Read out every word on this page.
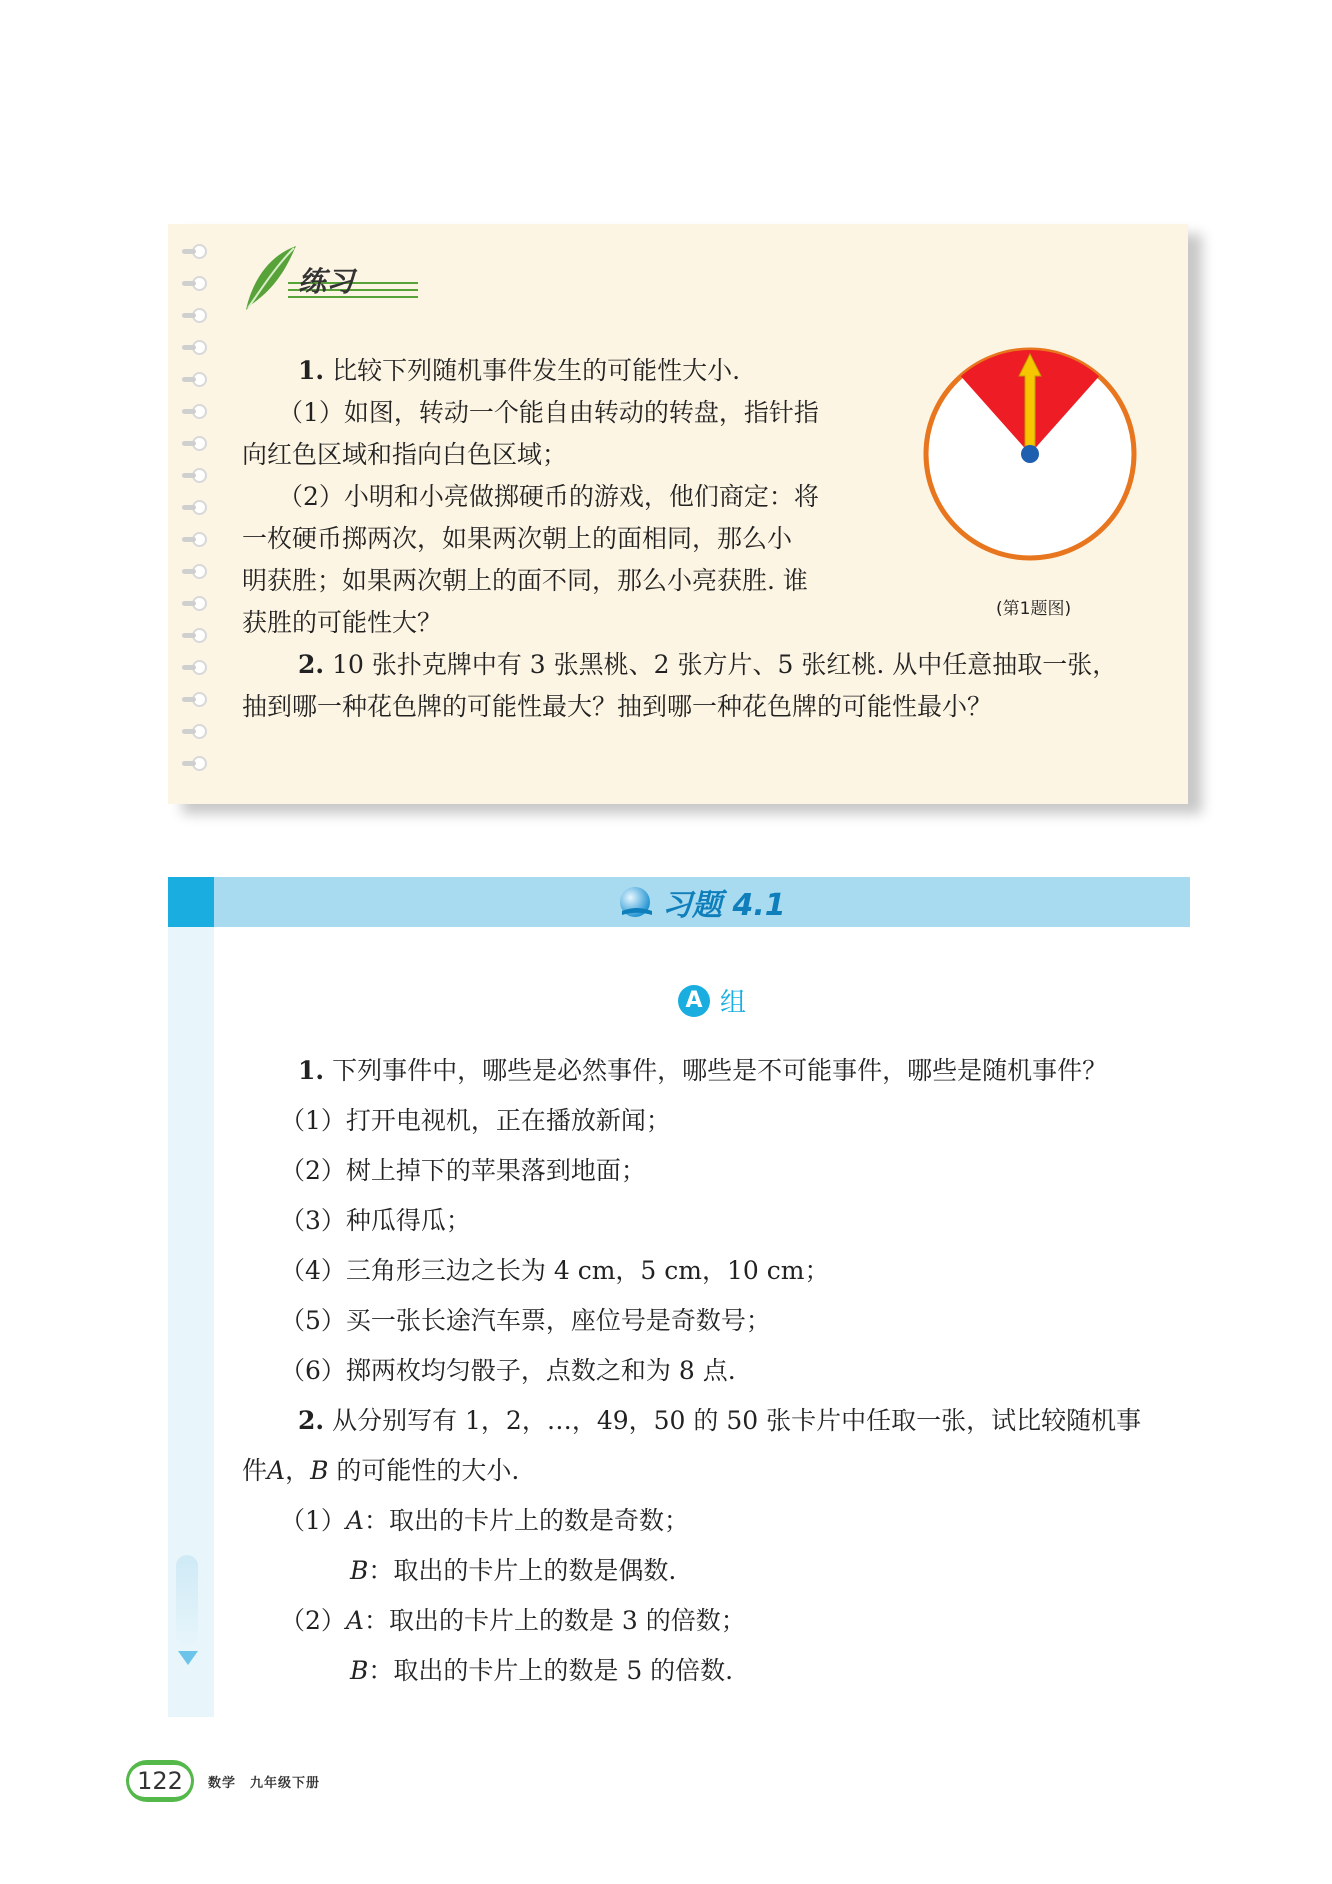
练习
1. 比较下列随机事件发生的可能性大小.
（1）如图，转动一个能自由转动的转盘，指针指
向红色区域和指向白色区域；
（2）小明和小亮做掷硬币的游戏，他们商定：将
一枚硬币掷两次，如果两次朝上的面相同，那么小
明获胜；如果两次朝上的面不同，那么小亮获胜. 谁
获胜的可能性大？
2. 10 张扑克牌中有 3 张黑桃、2 张方片、5 张红桃. 从中任意抽取一张，
抽到哪一种花色牌的可能性最大？抽到哪一种花色牌的可能性最小？
(第1题图)
习题 4.1
A 组
1. 下列事件中，哪些是必然事件，哪些是不可能事件，哪些是随机事件？
（1）打开电视机，正在播放新闻；
（2）树上掉下的苹果落到地面；
（3）种瓜得瓜；
（4）三角形三边之长为 4 cm，5 cm，10 cm；
（5）买一张长途汽车票，座位号是奇数号；
（6）掷两枚均匀骰子，点数之和为 8 点.
2. 从分别写有 1，2，…，49，50 的 50 张卡片中任取一张，试比较随机事
件A，B 的可能性的大小.
（1）A：取出的卡片上的数是奇数；
B：取出的卡片上的数是偶数.
（2）A：取出的卡片上的数是 3 的倍数；
B：取出的卡片上的数是 5 的倍数.
122	数学 九年级下册
